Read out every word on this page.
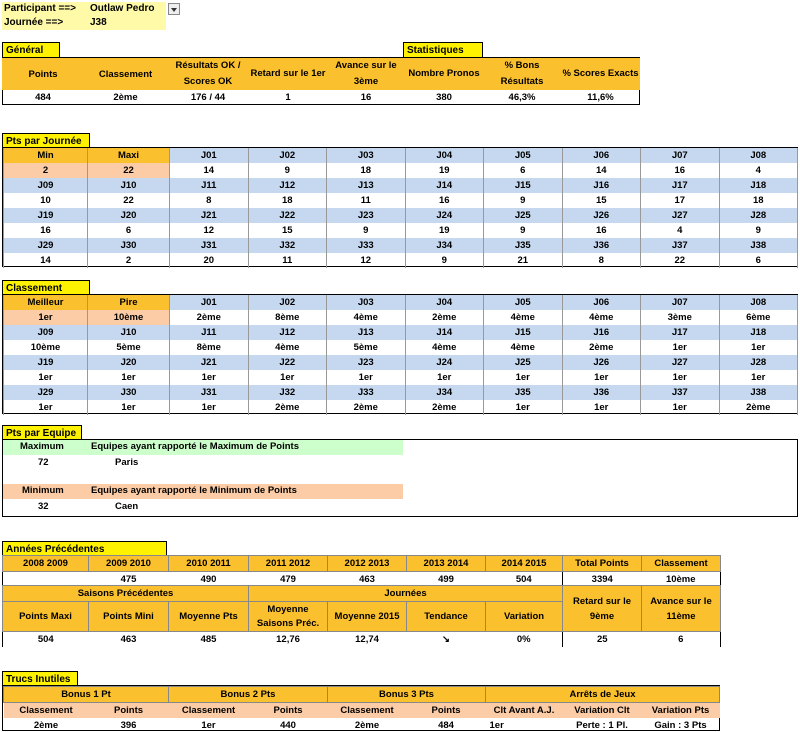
Participant ==> Outlaw Pedro
Journée ==>	J38
Général	Statistiques
Points	Classement	Résultats OK / Scores OK	Retard sur le 1er	Avance sur le 3ème	Nombre Pronos	% Bons Résultats	% Scores Exacts
484	2ème	176 / 44	1	16	380	46,3%	11,6%
Pts par Journée
Min	Maxi	J01	J02	J03	J04	J05	J06	J07	J08
2	22	14	9	18	19	6	14	16	4
J09	J10	J11	J12	J13	J14	J15	J16	J17	J18
10	22	8	18	11	16	9	15	17	18
J19	J20	J21	J22	J23	J24	J25	J26	J27	J28
16	6	12	15	9	19	9	16	4	9
J29	J30	J31	J32	J33	J34	J35	J36	J37	J38
14	2	20	11	12	9	21	8	22	6
Classement
Meilleur	Pire	J01	J02	J03	J04	J05	J06	J07	J08
1er	10ème	2ème	8ème	4ème	2ème	4ème	4ème	3ème	6ème
J09	J10	J11	J12	J13	J14	J15	J16	J17	J18
10ème	5ème	8ème	4ème	5ème	4ème	4ème	2ème	1er	1er
J19	J20	J21	J22	J23	J24	J25	J26	J27	J28
1er	1er	1er	1er	1er	1er	1er	1er	1er	1er
J29	J30	J31	J32	J33	J34	J35	J36	J37	J38
1er	1er	1er	2ème	2ème	2ème	1er	1er	1er	2ème
Pts par Equipe
Maximum	Equipes ayant rapporté le Maximum de Points
72	Paris
Minimum	Equipes ayant rapporté le Minimum de Points
32	Caen
Années Précédentes
2008 2009	2009 2010	2010 2011	2011 2012	2012 2013	2013 2014	2014 2015	Total Points	Classement
	475	490	479	463	499	504	3394	10ème
Saisons Précédentes			Journées				Retard sur le 9ème	Avance sur le 11ème
Points Maxi	Points Mini	Moyenne Pts	Moyenne Saisons Préc.	Moyenne 2015	Tendance	Variation		
504	463	485	12,76	12,74	↘	0%	25	6
Trucs Inutiles
Bonus 1 Pt		Bonus 2 Pts		Bonus 3 Pts		Arrêts de Jeux		
Classement	Points	Classement	Points	Classement	Points	Clt Avant A.J.	Variation Clt	Variation Pts
2ème	396	1er	440	2ème	484	1er	Perte : 1 Pl.	Gain : 3 Pts
